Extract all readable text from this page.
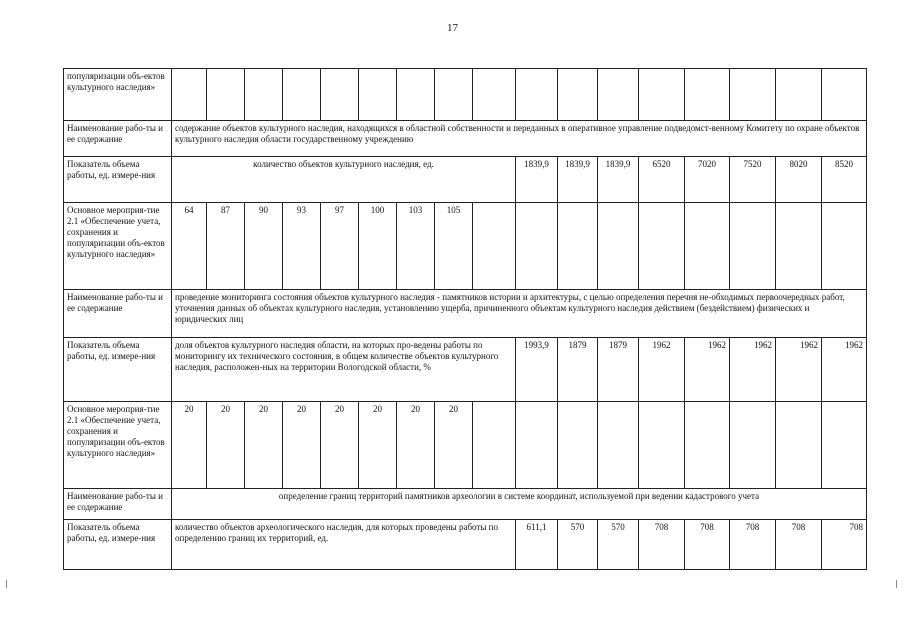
17
популяризации объ-ектов культурного наследия»																	
Наименование рабо-ты и ее содержание	содержание объектов культурного наследия, находящихся в областной собственности и переданных в оперативное управление подведомст-венному Комитету по охране объектов культурного наследия области государственному учреждению																
Показатель объема работы, ед. измере-ния	количество объектов культурного наследия, ед.									1839,9	1839,9	1839,9	6520	7020	7520	8020	8520
Основное мероприя-тие 2.1 «Обеспечение учета, сохранения и популяризации объ-ектов культурного наследия»	64	87	90	93	97	100	103	105									
Наименование рабо-ты и ее содержание	проведение мониторинга состояния объектов культурного наследия - памятников истории и архитектуры, с целью определения перечня не-обходимых первоочередных работ, уточнения данных об объектах культурного наследия, установлению ущерба, причиненного объектам культурного наследия действием (бездействием) физических и юридических лиц																
Показатель объема работы, ед. измере-ния	доля объектов культурного наследия области, на которых про-ведены работы по мониторингу их технического состояния, в общем количестве объектов культурного наследия, расположен-ных на территории Вологодской области, %									1993,9	1879	1879	1962	1962	1962	1962	1962
Основное мероприя-тие 2.1 «Обеспечение учета, сохранения и популяризации объ-ектов культурного наследия»	20	20	20	20	20	20	20	20									
Наименование рабо-ты и ее содержание	определение границ территорий памятников археологии в системе координат, используемой при ведении кадастрового учета																
Показатель объема работы, ед. измере-ния	количество объектов археологического наследия, для которых проведены работы по определению границ их территорий, ед.									611,1	570	570	708	708	708	708	708
